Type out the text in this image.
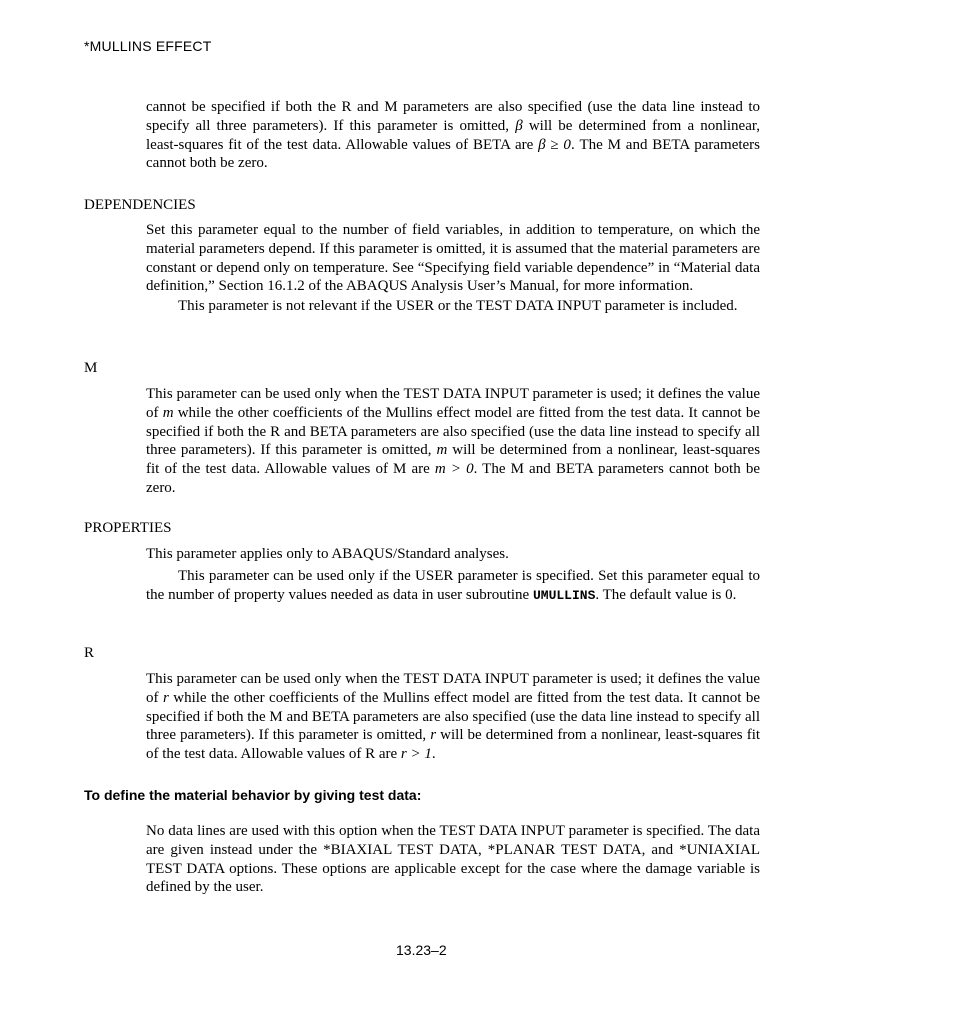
*MULLINS EFFECT

cannot be specified if both the R and M parameters are also specified (use the data line instead to specify all three parameters). If this parameter is omitted, β will be determined from a nonlinear, least-squares fit of the test data. Allowable values of BETA are β ≥ 0. The M and BETA parameters cannot both be zero.

DEPENDENCIES

Set this parameter equal to the number of field variables, in addition to temperature, on which the material parameters depend. If this parameter is omitted, it is assumed that the material parameters are constant or depend only on temperature. See “Specifying field variable dependence” in “Material data definition,” Section 16.1.2 of the ABAQUS Analysis User’s Manual, for more information.

This parameter is not relevant if the USER or the TEST DATA INPUT parameter is included.

M

This parameter can be used only when the TEST DATA INPUT parameter is used; it defines the value of m while the other coefficients of the Mullins effect model are fitted from the test data. It cannot be specified if both the R and BETA parameters are also specified (use the data line instead to specify all three parameters). If this parameter is omitted, m will be determined from a nonlinear, least-squares fit of the test data. Allowable values of M are m > 0. The M and BETA parameters cannot both be zero.

PROPERTIES

This parameter applies only to ABAQUS/Standard analyses.

This parameter can be used only if the USER parameter is specified. Set this parameter equal to the number of property values needed as data in user subroutine UMULLINS. The default value is 0.

R

This parameter can be used only when the TEST DATA INPUT parameter is used; it defines the value of r while the other coefficients of the Mullins effect model are fitted from the test data. It cannot be specified if both the M and BETA parameters are also specified (use the data line instead to specify all three parameters). If this parameter is omitted, r will be determined from a nonlinear, least-squares fit of the test data. Allowable values of R are r > 1.

To define the material behavior by giving test data:

No data lines are used with this option when the TEST DATA INPUT parameter is specified. The data are given instead under the *BIAXIAL TEST DATA, *PLANAR TEST DATA, and *UNIAXIAL TEST DATA options. These options are applicable except for the case where the damage variable is defined by the user.

13.23–2
